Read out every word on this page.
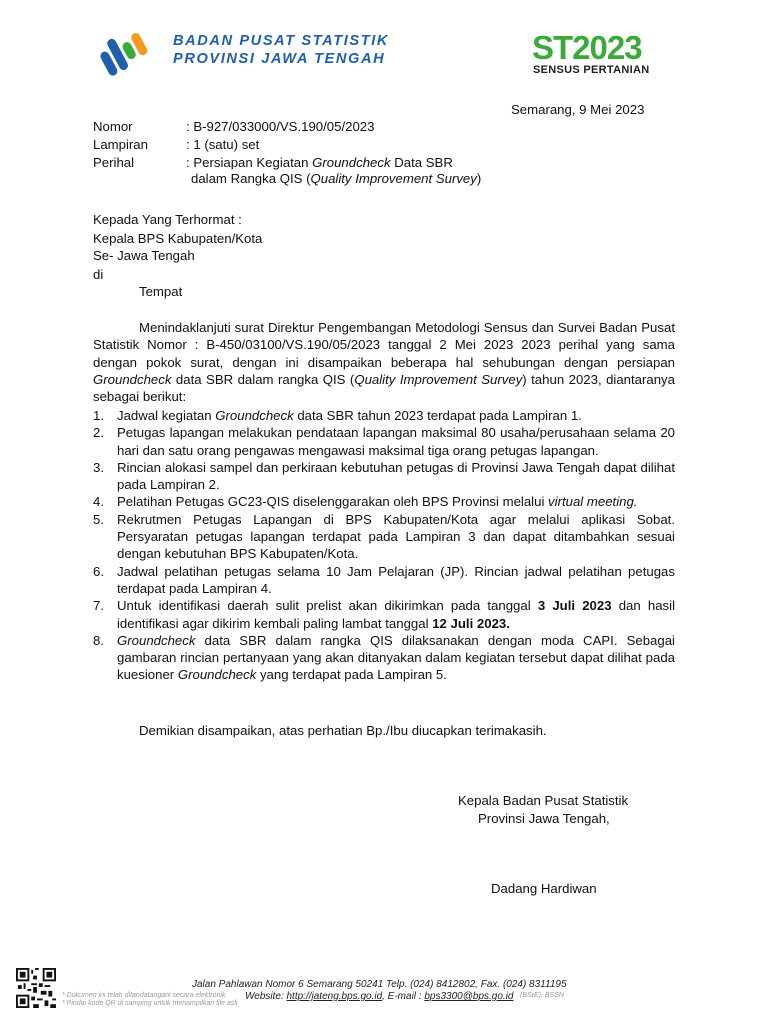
BADAN PUSAT STATISTIK
PROVINSI JAWA TENGAH	ST2023
SENSUS PERTANIAN
Semarang, 9 Mei 2023
Nomor	: B-927/033000/VS.190/05/2023
Lampiran	: 1 (satu) set
Perihal	: Persiapan Kegiatan Groundcheck Data SBR
dalam Rangka QIS (Quality Improvement Survey)
Kepada Yang Terhormat :
Kepala BPS Kabupaten/Kota
Se- Jawa Tengah
di
Tempat
Menindaklanjuti surat Direktur Pengembangan Metodologi Sensus dan Survei Badan Pusat Statistik Nomor : B-450/03100/VS.190/05/2023 tanggal 2 Mei 2023 2023 perihal yang sama dengan pokok surat, dengan ini disampaikan beberapa hal sehubungan dengan persiapan Groundcheck data SBR dalam rangka QIS (Quality Improvement Survey) tahun 2023, diantaranya sebagai berikut:
1. Jadwal kegiatan Groundcheck data SBR tahun 2023 terdapat pada Lampiran 1.
2. Petugas lapangan melakukan pendataan lapangan maksimal 80 usaha/perusahaan selama 20 hari dan satu orang pengawas mengawasi maksimal tiga orang petugas lapangan.
3. Rincian alokasi sampel dan perkiraan kebutuhan petugas di Provinsi Jawa Tengah dapat dilihat pada Lampiran 2.
4. Pelatihan Petugas GC23-QIS diselenggarakan oleh BPS Provinsi melalui virtual meeting.
5. Rekrutmen Petugas Lapangan di BPS Kabupaten/Kota agar melalui aplikasi Sobat. Persyaratan petugas lapangan terdapat pada Lampiran 3 dan dapat ditambahkan sesuai dengan kebutuhan BPS Kabupaten/Kota.
6. Jadwal pelatihan petugas selama 10 Jam Pelajaran (JP). Rincian jadwal pelatihan petugas terdapat pada Lampiran 4.
7. Untuk identifikasi daerah sulit prelist akan dikirimkan pada tanggal 3 Juli 2023 dan hasil identifikasi agar dikirim kembali paling lambat tanggal 12 Juli 2023.
8. Groundcheck data SBR dalam rangka QIS dilaksanakan dengan moda CAPI. Sebagai gambaran rincian pertanyaan yang akan ditanyakan dalam kegiatan tersebut dapat dilihat pada kuesioner Groundcheck yang terdapat pada Lampiran 5.
Demikian disampaikan, atas perhatian Bp./Ibu diucapkan terimakasih.
Kepala Badan Pusat Statistik
Provinsi Jawa Tengah,
Dadang Hardiwan
Jalan Pahlawan Nomor 6 Semarang 50241 Telp. (024) 8412802, Fax. (024) 8311195
* Dokumen ini telah ditandatangani secara elektronik
* Pindai kode QR di samping untuk menampilkan file asli
(BSrE), BSSN
Website: http://jateng.bps.go.id, E-mail : bps3300@bps.go.id
